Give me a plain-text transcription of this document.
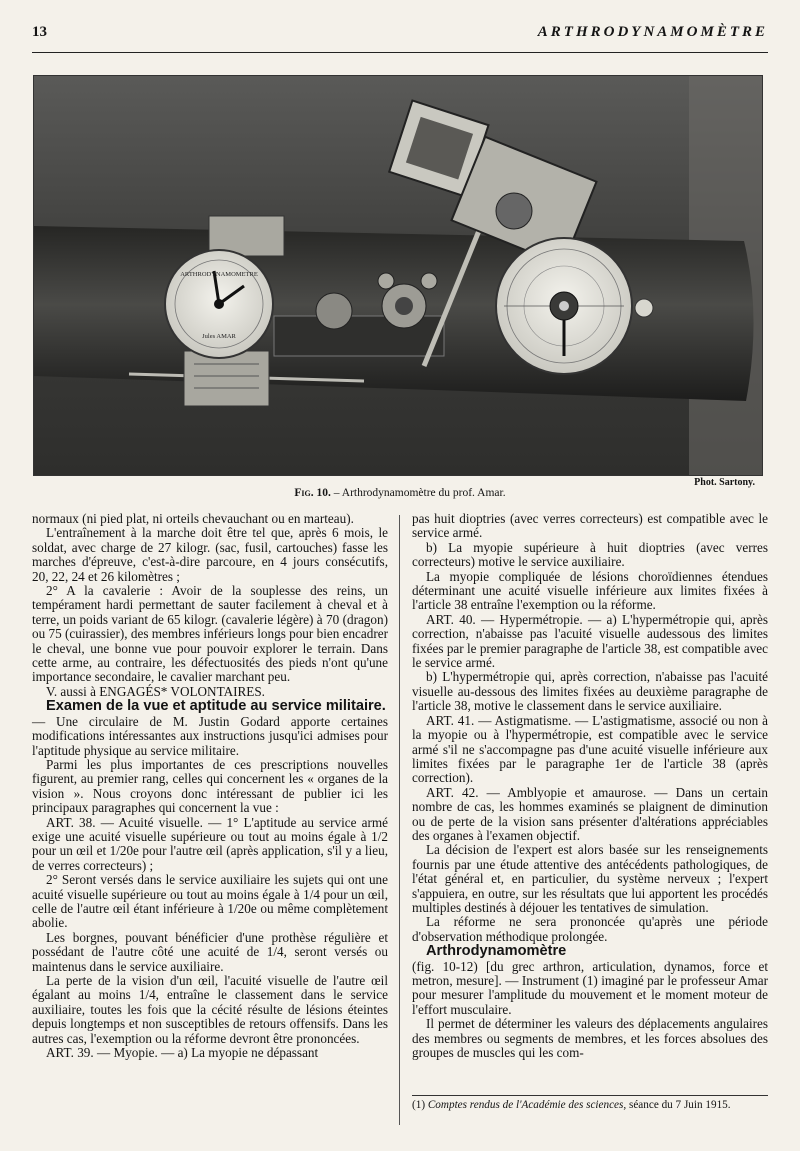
13	ARTHRODYNAMOMÈTRE
ARTHRODYNAMOMETRE
Jules AMAR
Phot. Sartony.
Fig. 10. – Arthrodynamomètre du prof. Amar.

normaux (ni pied plat, ni orteils chevauchant ou en marteau).

L'entraînement à la marche doit être tel que, après 6 mois, le soldat, avec charge de 27 kilogr. (sac, fusil, cartouches) fasse les marches d'épreuve, c'est-à-dire parcoure, en 4 jours consécutifs, 20, 22, 24 et 26 kilomètres ;

2° A la cavalerie : Avoir de la souplesse des reins, un tempérament hardi permettant de sauter facilement à cheval et à terre, un poids variant de 65 kilogr. (cavalerie légère) à 70 (dragon) ou 75 (cuirassier), des membres inférieurs longs pour bien encadrer le cheval, une bonne vue pour pouvoir explorer le terrain. Dans cette arme, au contraire, les défectuosités des pieds n'ont qu'une importance secondaire, le cavalier marchant peu.

V. aussi à ENGAGÉS* VOLONTAIRES.

Examen de la vue et aptitude au service militaire.

— Une circulaire de M. Justin Godard apporte certaines modifications intéressantes aux instructions jusqu'ici admises pour l'aptitude physique au service militaire.

Parmi les plus importantes de ces prescriptions nouvelles figurent, au premier rang, celles qui concernent les « organes de la vision ». Nous croyons donc intéressant de publier ici les principaux paragraphes qui concernent la vue :

ART. 38. — Acuité visuelle. — 1° L'aptitude au service armé exige une acuité visuelle supérieure ou tout au moins égale à 1/2 pour un œil et 1/20e pour l'autre œil (après application, s'il y a lieu, de verres correcteurs) ;

2° Seront versés dans le service auxiliaire les sujets qui ont une acuité visuelle supérieure ou tout au moins égale à 1/4 pour un œil, celle de l'autre œil étant inférieure à 1/20e ou même complètement abolie.

Les borgnes, pouvant bénéficier d'une prothèse régulière et possédant de l'autre côté une acuité de 1/4, seront versés ou maintenus dans le service auxiliaire.

La perte de la vision d'un œil, l'acuité visuelle de l'autre œil égalant au moins 1/4, entraîne le classement dans le service auxiliaire, toutes les fois que la cécité résulte de lésions éteintes depuis longtemps et non susceptibles de retours offensifs. Dans les autres cas, l'exemption ou la réforme devront être prononcées.

ART. 39. — Myopie. — a) La myopie ne dépassant

pas huit dioptries (avec verres correcteurs) est compatible avec le service armé.

b) La myopie supérieure à huit dioptries (avec verres correcteurs) motive le service auxiliaire.

La myopie compliquée de lésions choroïdiennes étendues déterminant une acuité visuelle inférieure aux limites fixées à l'article 38 entraîne l'exemption ou la réforme.

ART. 40. — Hypermétropie. — a) L'hypermétropie qui, après correction, n'abaisse pas l'acuité visuelle audessous des limites fixées par le premier paragraphe de l'article 38, est compatible avec le service armé.

b) L'hypermétropie qui, après correction, n'abaisse pas l'acuité visuelle au-dessous des limites fixées au deuxième paragraphe de l'article 38, motive le classement dans le service auxiliaire.

ART. 41. — Astigmatisme. — L'astigmatisme, associé ou non à la myopie ou à l'hypermétropie, est compatible avec le service armé s'il ne s'accompagne pas d'une acuité visuelle inférieure aux limites fixées par le paragraphe 1er de l'article 38 (après correction).

ART. 42. — Amblyopie et amaurose. — Dans un certain nombre de cas, les hommes examinés se plaignent de diminution ou de perte de la vision sans présenter d'altérations appréciables des organes à l'examen objectif.

La décision de l'expert est alors basée sur les renseignements fournis par une étude attentive des antécédents pathologiques, de l'état général et, en particulier, du système nerveux ; l'expert s'appuiera, en outre, sur les résultats que lui apportent les procédés multiples destinés à déjouer les tentatives de simulation.

La réforme ne sera prononcée qu'après une période d'observation méthodique prolongée.

Arthrodynamomètre

(fig. 10-12) [du grec arthron, articulation, dynamos, force et metron, mesure]. — Instrument (1) imaginé par le professeur Amar pour mesurer l'amplitude du mouvement et le moment moteur de l'effort musculaire.

Il permet de déterminer les valeurs des déplacements angulaires des membres ou segments de membres, et les forces absolues des groupes de muscles qui les com-

(1) Comptes rendus de l'Académie des sciences, séance du 7 Juin 1915.
